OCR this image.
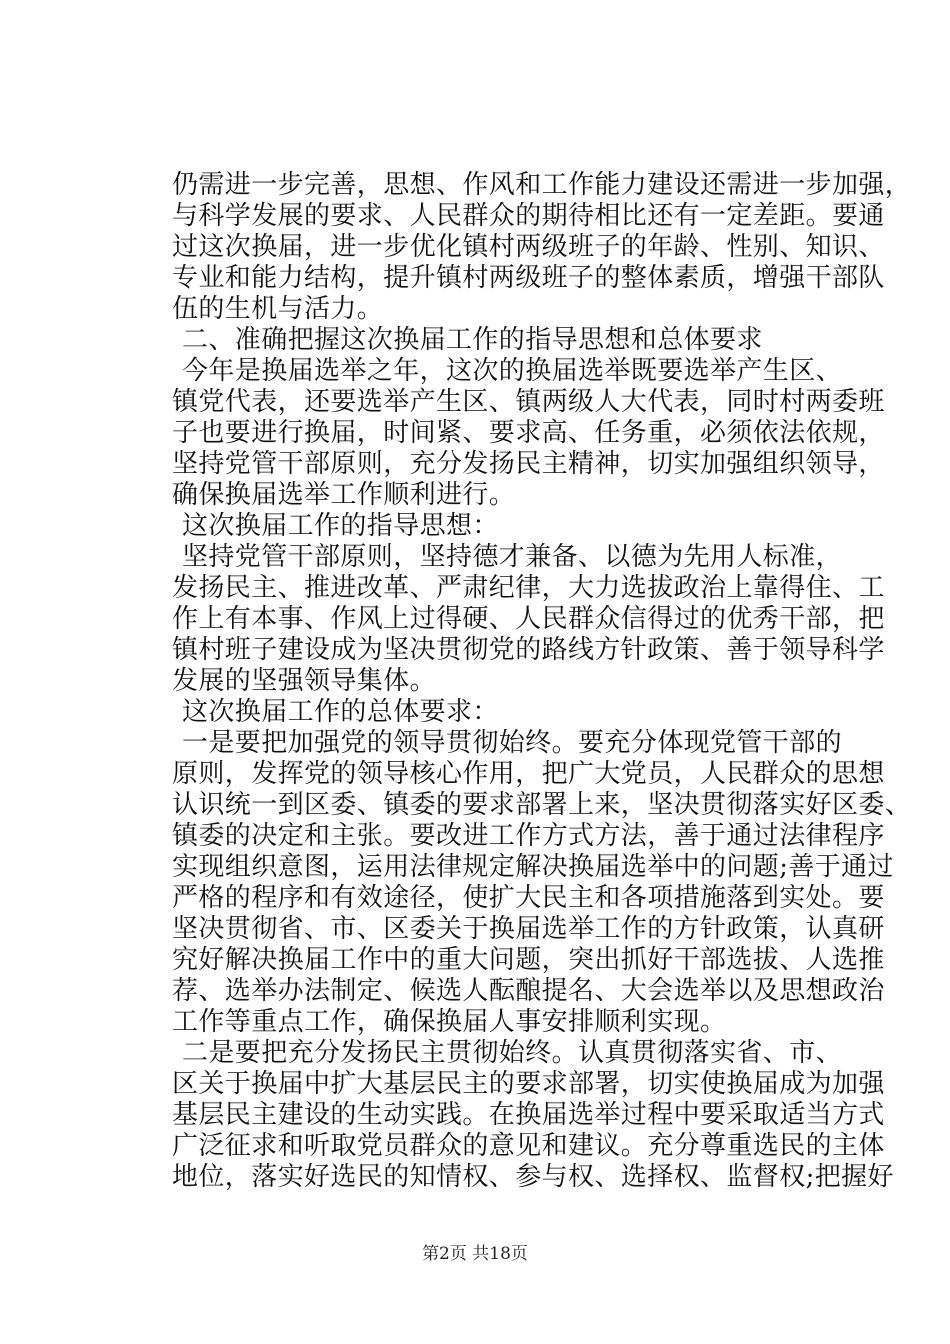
仍需进一步完善，思想、作风和工作能力建设还需进一步加强，
与科学发展的要求、人民群众的期待相比还有一定差距。要通
过这次换届，进一步优化镇村两级班子的年龄、性别、知识、
专业和能力结构，提升镇村两级班子的整体素质，增强干部队
伍的生机与活力。
二、准确把握这次换届工作的指导思想和总体要求
今年是换届选举之年，这次的换届选举既要选举产生区、
镇党代表，还要选举产生区、镇两级人大代表，同时村两委班
子也要进行换届，时间紧、要求高、任务重，必须依法依规，
坚持党管干部原则，充分发扬民主精神，切实加强组织领导，
确保换届选举工作顺利进行。
这次换届工作的指导思想：
坚持党管干部原则，坚持德才兼备、以德为先用人标准，
发扬民主、推进改革、严肃纪律，大力选拔政治上靠得住、工
作上有本事、作风上过得硬、人民群众信得过的优秀干部，把
镇村班子建设成为坚决贯彻党的路线方针政策、善于领导科学
发展的坚强领导集体。
这次换届工作的总体要求：
一是要把加强党的领导贯彻始终。要充分体现党管干部的
原则，发挥党的领导核心作用，把广大党员，人民群众的思想
认识统一到区委、镇委的要求部署上来，坚决贯彻落实好区委、
镇委的决定和主张。要改进工作方式方法，善于通过法律程序
实现组织意图，运用法律规定解决换届选举中的问题;善于通过
严格的程序和有效途径，使扩大民主和各项措施落到实处。要
坚决贯彻省、市、区委关于换届选举工作的方针政策，认真研
究好解决换届工作中的重大问题，突出抓好干部选拔、人选推
荐、选举办法制定、候选人酝酿提名、大会选举以及思想政治
工作等重点工作，确保换届人事安排顺利实现。
二是要把充分发扬民主贯彻始终。认真贯彻落实省、市、
区关于换届中扩大基层民主的要求部署，切实使换届成为加强
基层民主建设的生动实践。在换届选举过程中要采取适当方式
广泛征求和听取党员群众的意见和建议。充分尊重选民的主体
地位，落实好选民的知情权、参与权、选择权、监督权;把握好
第2页 共18页
